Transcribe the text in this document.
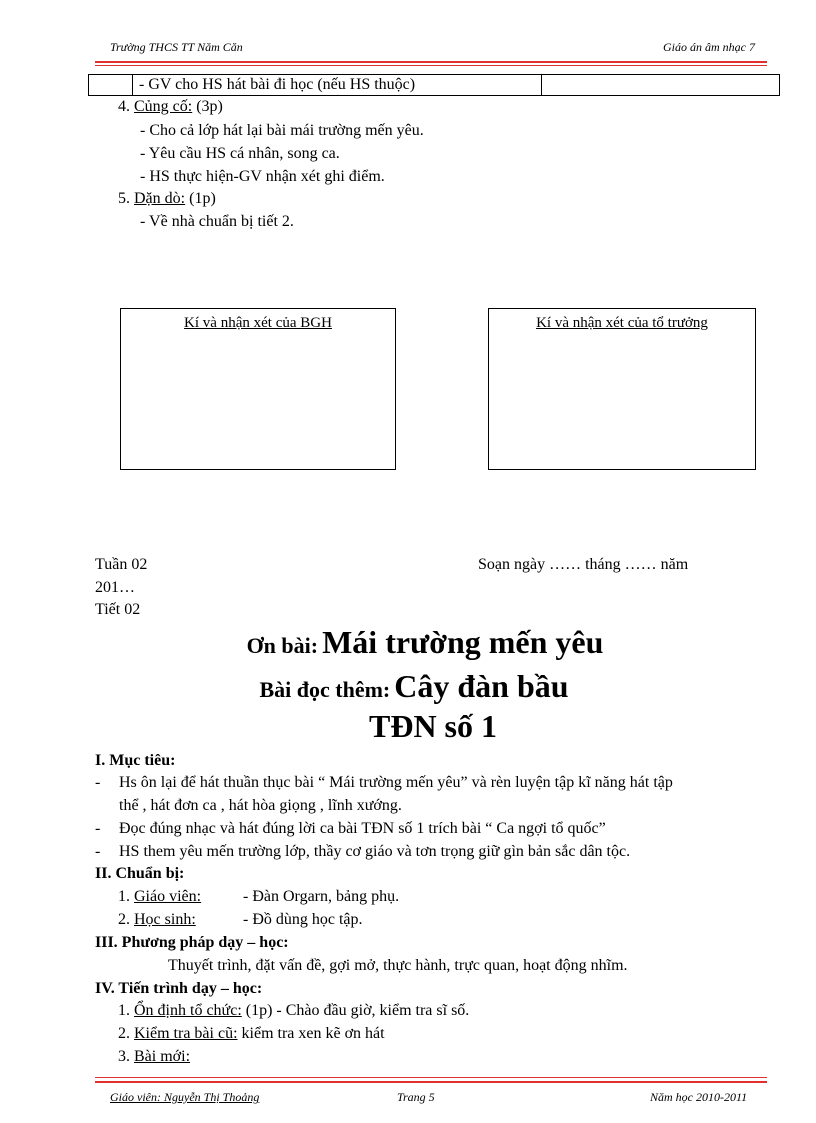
Trường THCS TT Năm Căn	Giáo án âm nhạc 7
- GV cho HS hát bài đi học (nếu HS thuộc)
4. Củng cố: (3p)
- Cho cả lớp hát lại bài mái trường mến yêu.
- Yêu cầu HS cá nhân, song ca.
- HS thực hiện-GV nhận xét ghi điểm.
5. Dặn dò: (1p)
- Về nhà chuẩn bị tiết 2.
Kí và nhận xét của BGH	Kí và nhận xét của tổ trưởng
Tuần 02	Soạn ngày …… tháng …… năm
201…
Tiết 02
Ơn bài: Mái trường mến yêu
Bài đọc thêm: Cây đàn bầu
TĐN số 1
I. Mục tiêu:
- Hs ôn lại để hát thuần thục bài “ Mái trường mến yêu” và rèn luyện tập kĩ năng hát tập
thể , hát đơn ca , hát hòa giọng , lĩnh xướng.
- Đọc đúng nhạc và hát đúng lời ca bài TĐN số 1 trích bài “ Ca ngợi tổ quốc”
- HS them yêu mến trường lớp, thầy cơ giáo và tơn trọng giữ gìn bản sắc dân tộc.
II. Chuẩn bị:
1. Giáo viên:	- Đàn Orgarn, bảng phụ.
2. Học sinh:	- Đồ dùng học tập.
III. Phương pháp dạy – học:
Thuyết trình, đặt vấn đề, gợi mở, thực hành, trực quan, hoạt động nhĩm.
IV. Tiến trình dạy – học:
1. Ổn định tổ chức: (1p) - Chào đầu giờ, kiểm tra sĩ số.
2. Kiểm tra bài cũ: kiểm tra xen kẽ ơn hát
3. Bài mới:
Giáo viên: Nguyễn Thị Thoảng	Trang 5	Năm học 2010-2011
